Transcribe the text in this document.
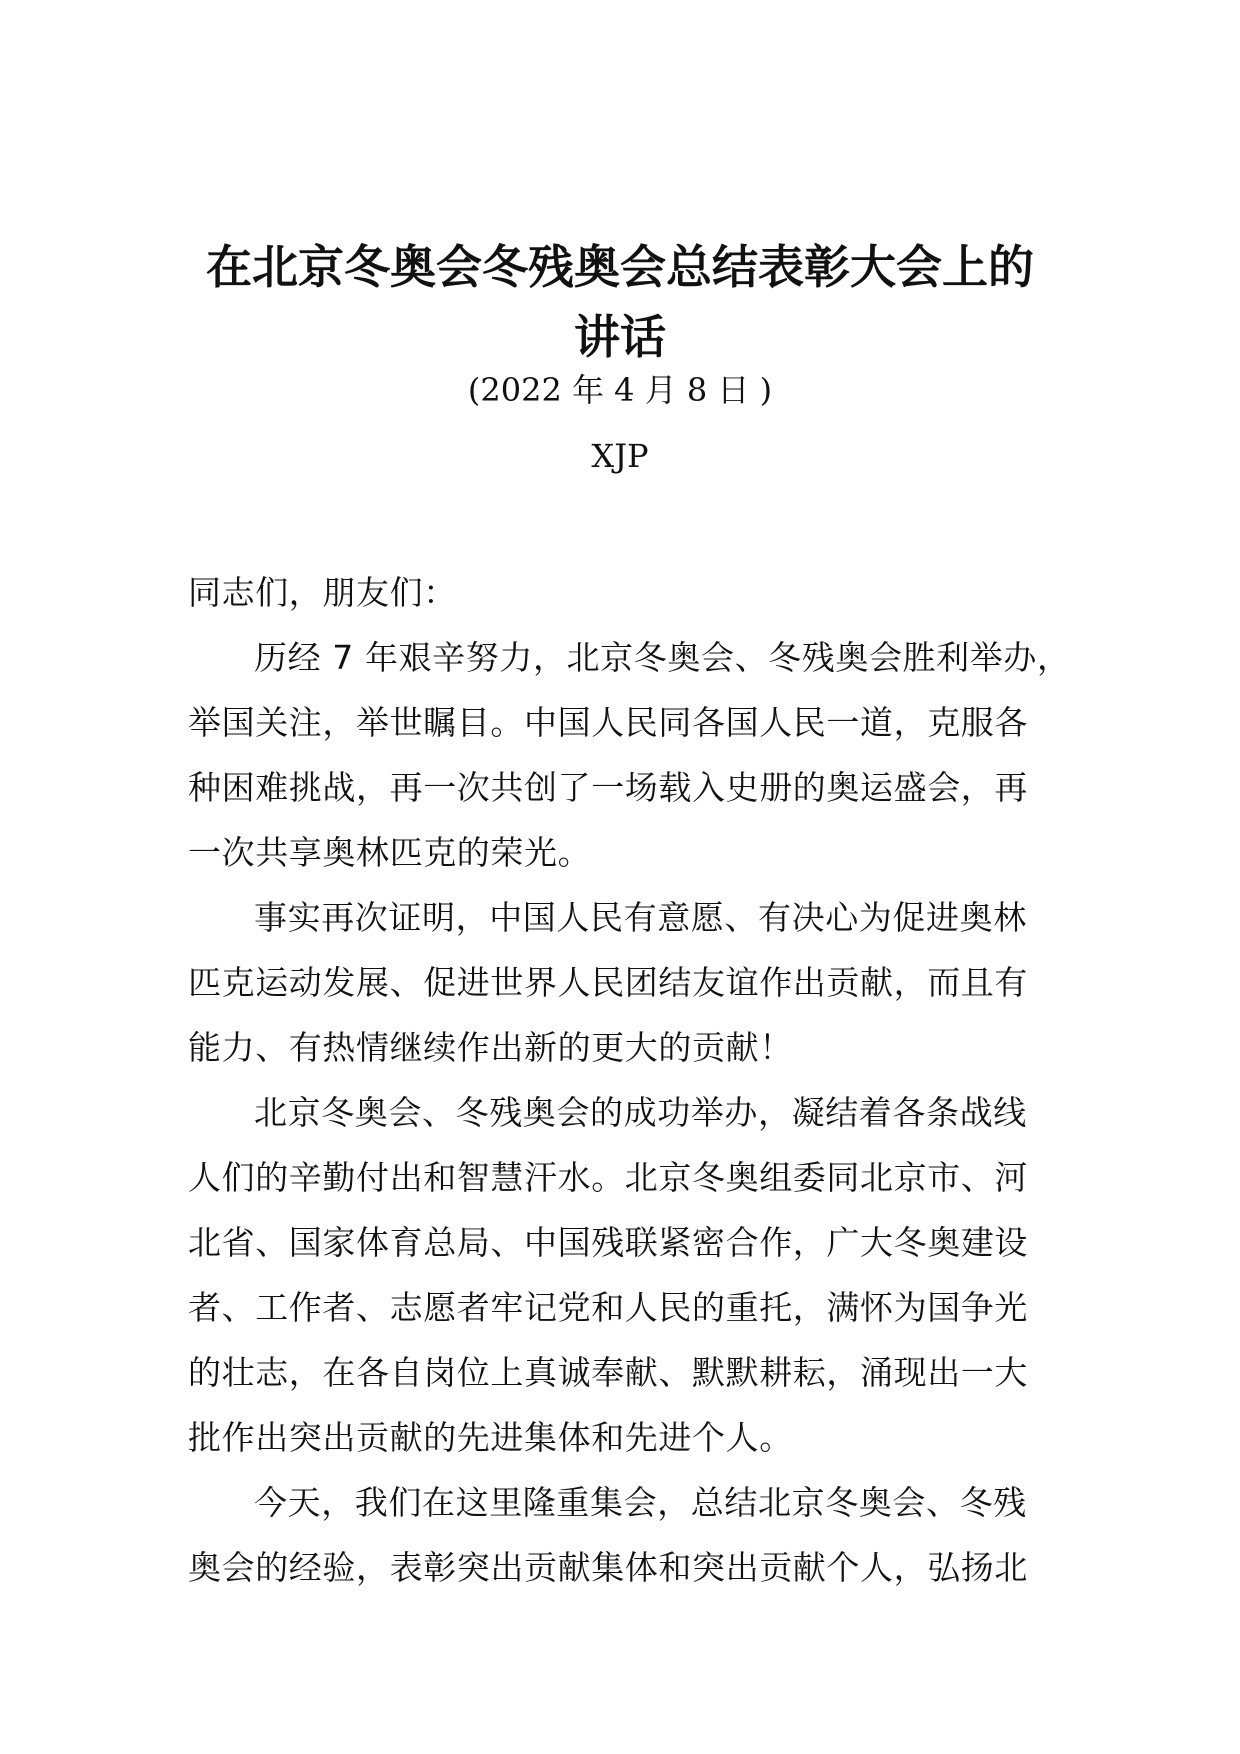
在北京冬奥会冬残奥会总结表彰大会上的
讲话
(2022 年 4 月 8 日 )
XJP
同志们，朋友们：
历经 7 年艰辛努力，北京冬奥会、冬残奥会胜利举办，
举国关注，举世瞩目。中国人民同各国人民一道，克服各
种困难挑战，再一次共创了一场载入史册的奥运盛会，再
一次共享奥林匹克的荣光。
事实再次证明，中国人民有意愿、有决心为促进奥林
匹克运动发展、促进世界人民团结友谊作出贡献，而且有
能力、有热情继续作出新的更大的贡献！
北京冬奥会、冬残奥会的成功举办，凝结着各条战线
人们的辛勤付出和智慧汗水。北京冬奥组委同北京市、河
北省、国家体育总局、中国残联紧密合作，广大冬奥建设
者、工作者、志愿者牢记党和人民的重托，满怀为国争光
的壮志，在各自岗位上真诚奉献、默默耕耘，涌现出一大
批作出突出贡献的先进集体和先进个人。
今天，我们在这里隆重集会，总结北京冬奥会、冬残
奥会的经验，表彰突出贡献集体和突出贡献个人，弘扬北
